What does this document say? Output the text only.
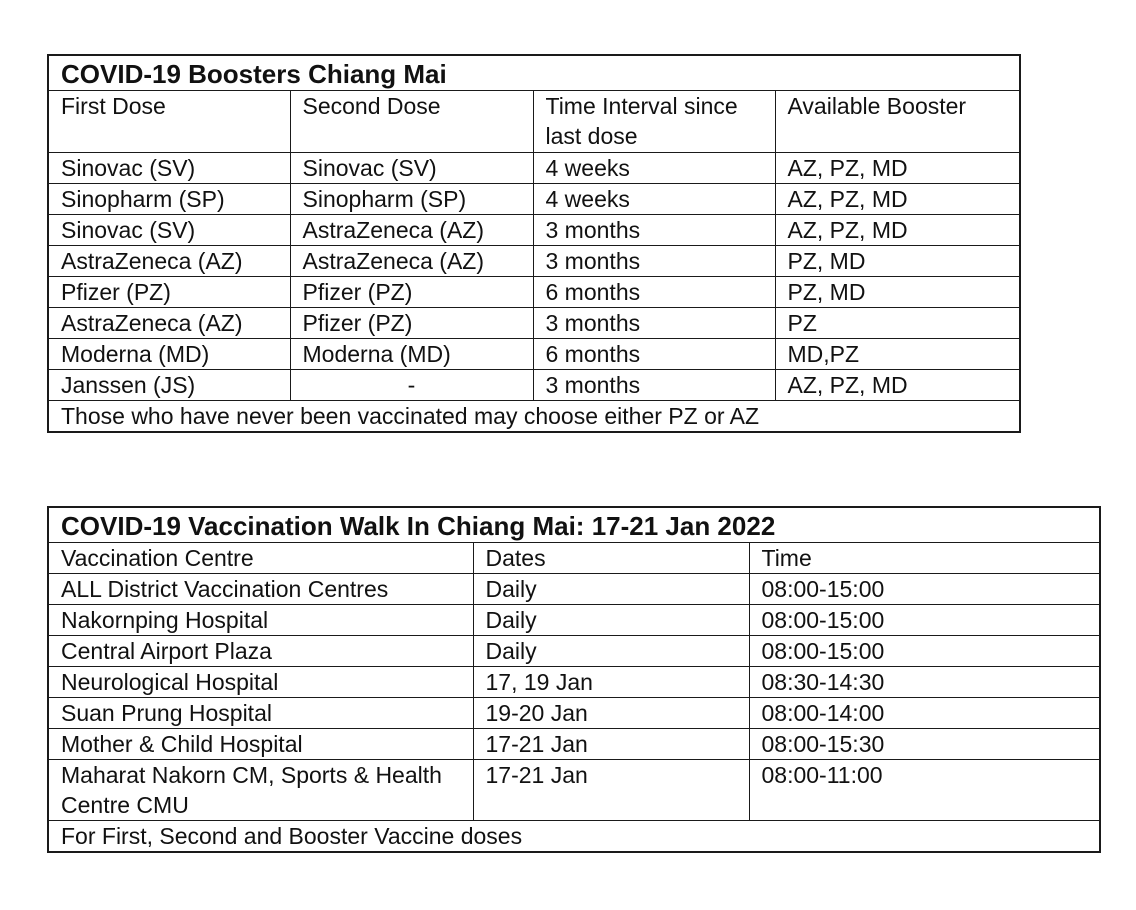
COVID-19 Boosters Chiang Mai			
First Dose	Second Dose	Time Interval since last dose	Available Booster
Sinovac (SV)	Sinovac (SV)	4 weeks	AZ, PZ, MD
Sinopharm (SP)	Sinopharm (SP)	4 weeks	AZ, PZ, MD
Sinovac (SV)	AstraZeneca (AZ)	3 months	AZ, PZ, MD
AstraZeneca (AZ)	AstraZeneca (AZ)	3 months	PZ, MD
Pfizer (PZ)	Pfizer (PZ)	6 months	PZ, MD
AstraZeneca (AZ)	Pfizer (PZ)	3 months	PZ
Moderna (MD)	Moderna (MD)	6 months	MD,PZ
Janssen (JS)	-	3 months	AZ, PZ, MD
Those who have never been vaccinated may choose either PZ or AZ			
COVID-19 Vaccination Walk In Chiang Mai: 17-21 Jan 2022		
Vaccination Centre	Dates	Time
ALL District Vaccination Centres	Daily	08:00-15:00
Nakornping Hospital	Daily	08:00-15:00
Central Airport Plaza	Daily	08:00-15:00
Neurological Hospital	17, 19 Jan	08:30-14:30
Suan Prung Hospital	19-20 Jan	08:00-14:00
Mother & Child Hospital	17-21 Jan	08:00-15:30
Maharat Nakorn CM, Sports & Health Centre CMU	17-21 Jan	08:00-11:00
For First, Second and Booster Vaccine doses		
